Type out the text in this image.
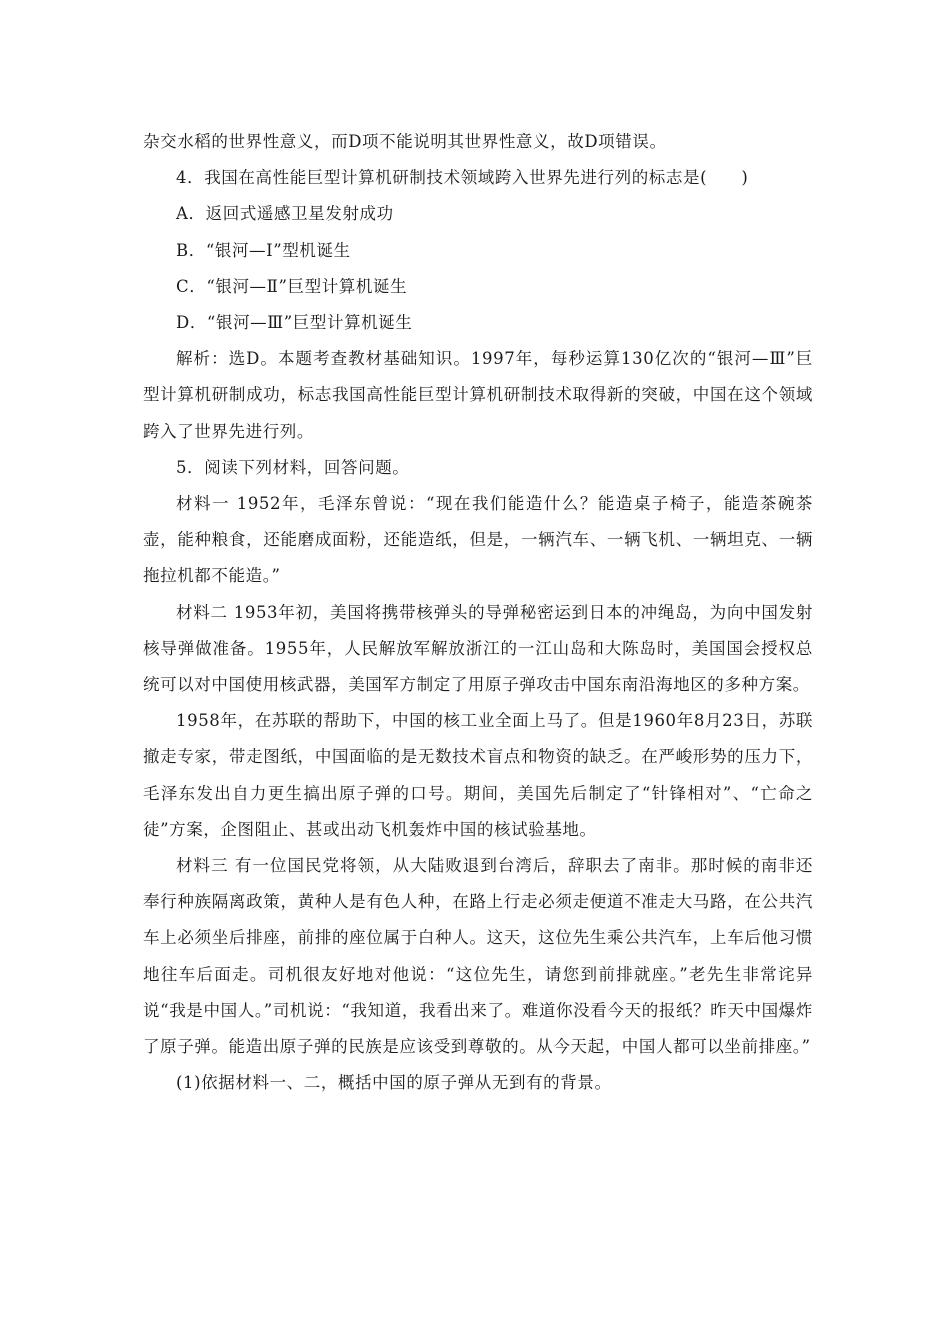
杂交水稻的世界性意义，而D项不能说明其世界性意义，故D项错误。

4．我国在高性能巨型计算机研制技术领域跨入世界先进行列的标志是(　　)

A．返回式遥感卫星发射成功

B．“银河—Ⅰ”型机诞生

C．“银河—Ⅱ”巨型计算机诞生

D．“银河—Ⅲ”巨型计算机诞生

解析：选D。本题考查教材基础知识。1997年，每秒运算130亿次的“银河—Ⅲ”巨型计算机研制成功，标志我国高性能巨型计算机研制技术取得新的突破，中国在这个领域跨入了世界先进行列。

5．阅读下列材料，回答问题。

材料一 1952年，毛泽东曾说：“现在我们能造什么？能造桌子椅子，能造茶碗茶壶，能种粮食，还能磨成面粉，还能造纸，但是，一辆汽车、一辆飞机、一辆坦克、一辆拖拉机都不能造。”

材料二 1953年初，美国将携带核弹头的导弹秘密运到日本的冲绳岛，为向中国发射核导弹做准备。1955年，人民解放军解放浙江的一江山岛和大陈岛时，美国国会授权总统可以对中国使用核武器，美国军方制定了用原子弹攻击中国东南沿海地区的多种方案。

1958年，在苏联的帮助下，中国的核工业全面上马了。但是1960年8月23日，苏联撤走专家，带走图纸，中国面临的是无数技术盲点和物资的缺乏。在严峻形势的压力下，毛泽东发出自力更生搞出原子弹的口号。期间，美国先后制定了“针锋相对”、“亡命之徒”方案，企图阻止、甚或出动飞机轰炸中国的核试验基地。

材料三 有一位国民党将领，从大陆败退到台湾后，辞职去了南非。那时候的南非还奉行种族隔离政策，黄种人是有色人种，在路上行走必须走便道不准走大马路，在公共汽车上必须坐后排座，前排的座位属于白种人。这天，这位先生乘公共汽车，上车后他习惯地往车后面走。司机很友好地对他说：“这位先生，请您到前排就座。”老先生非常诧异说“我是中国人。”司机说：“我知道，我看出来了。难道你没看今天的报纸？昨天中国爆炸了原子弹。能造出原子弹的民族是应该受到尊敬的。从今天起，中国人都可以坐前排座。”

(1)依据材料一、二，概括中国的原子弹从无到有的背景。
